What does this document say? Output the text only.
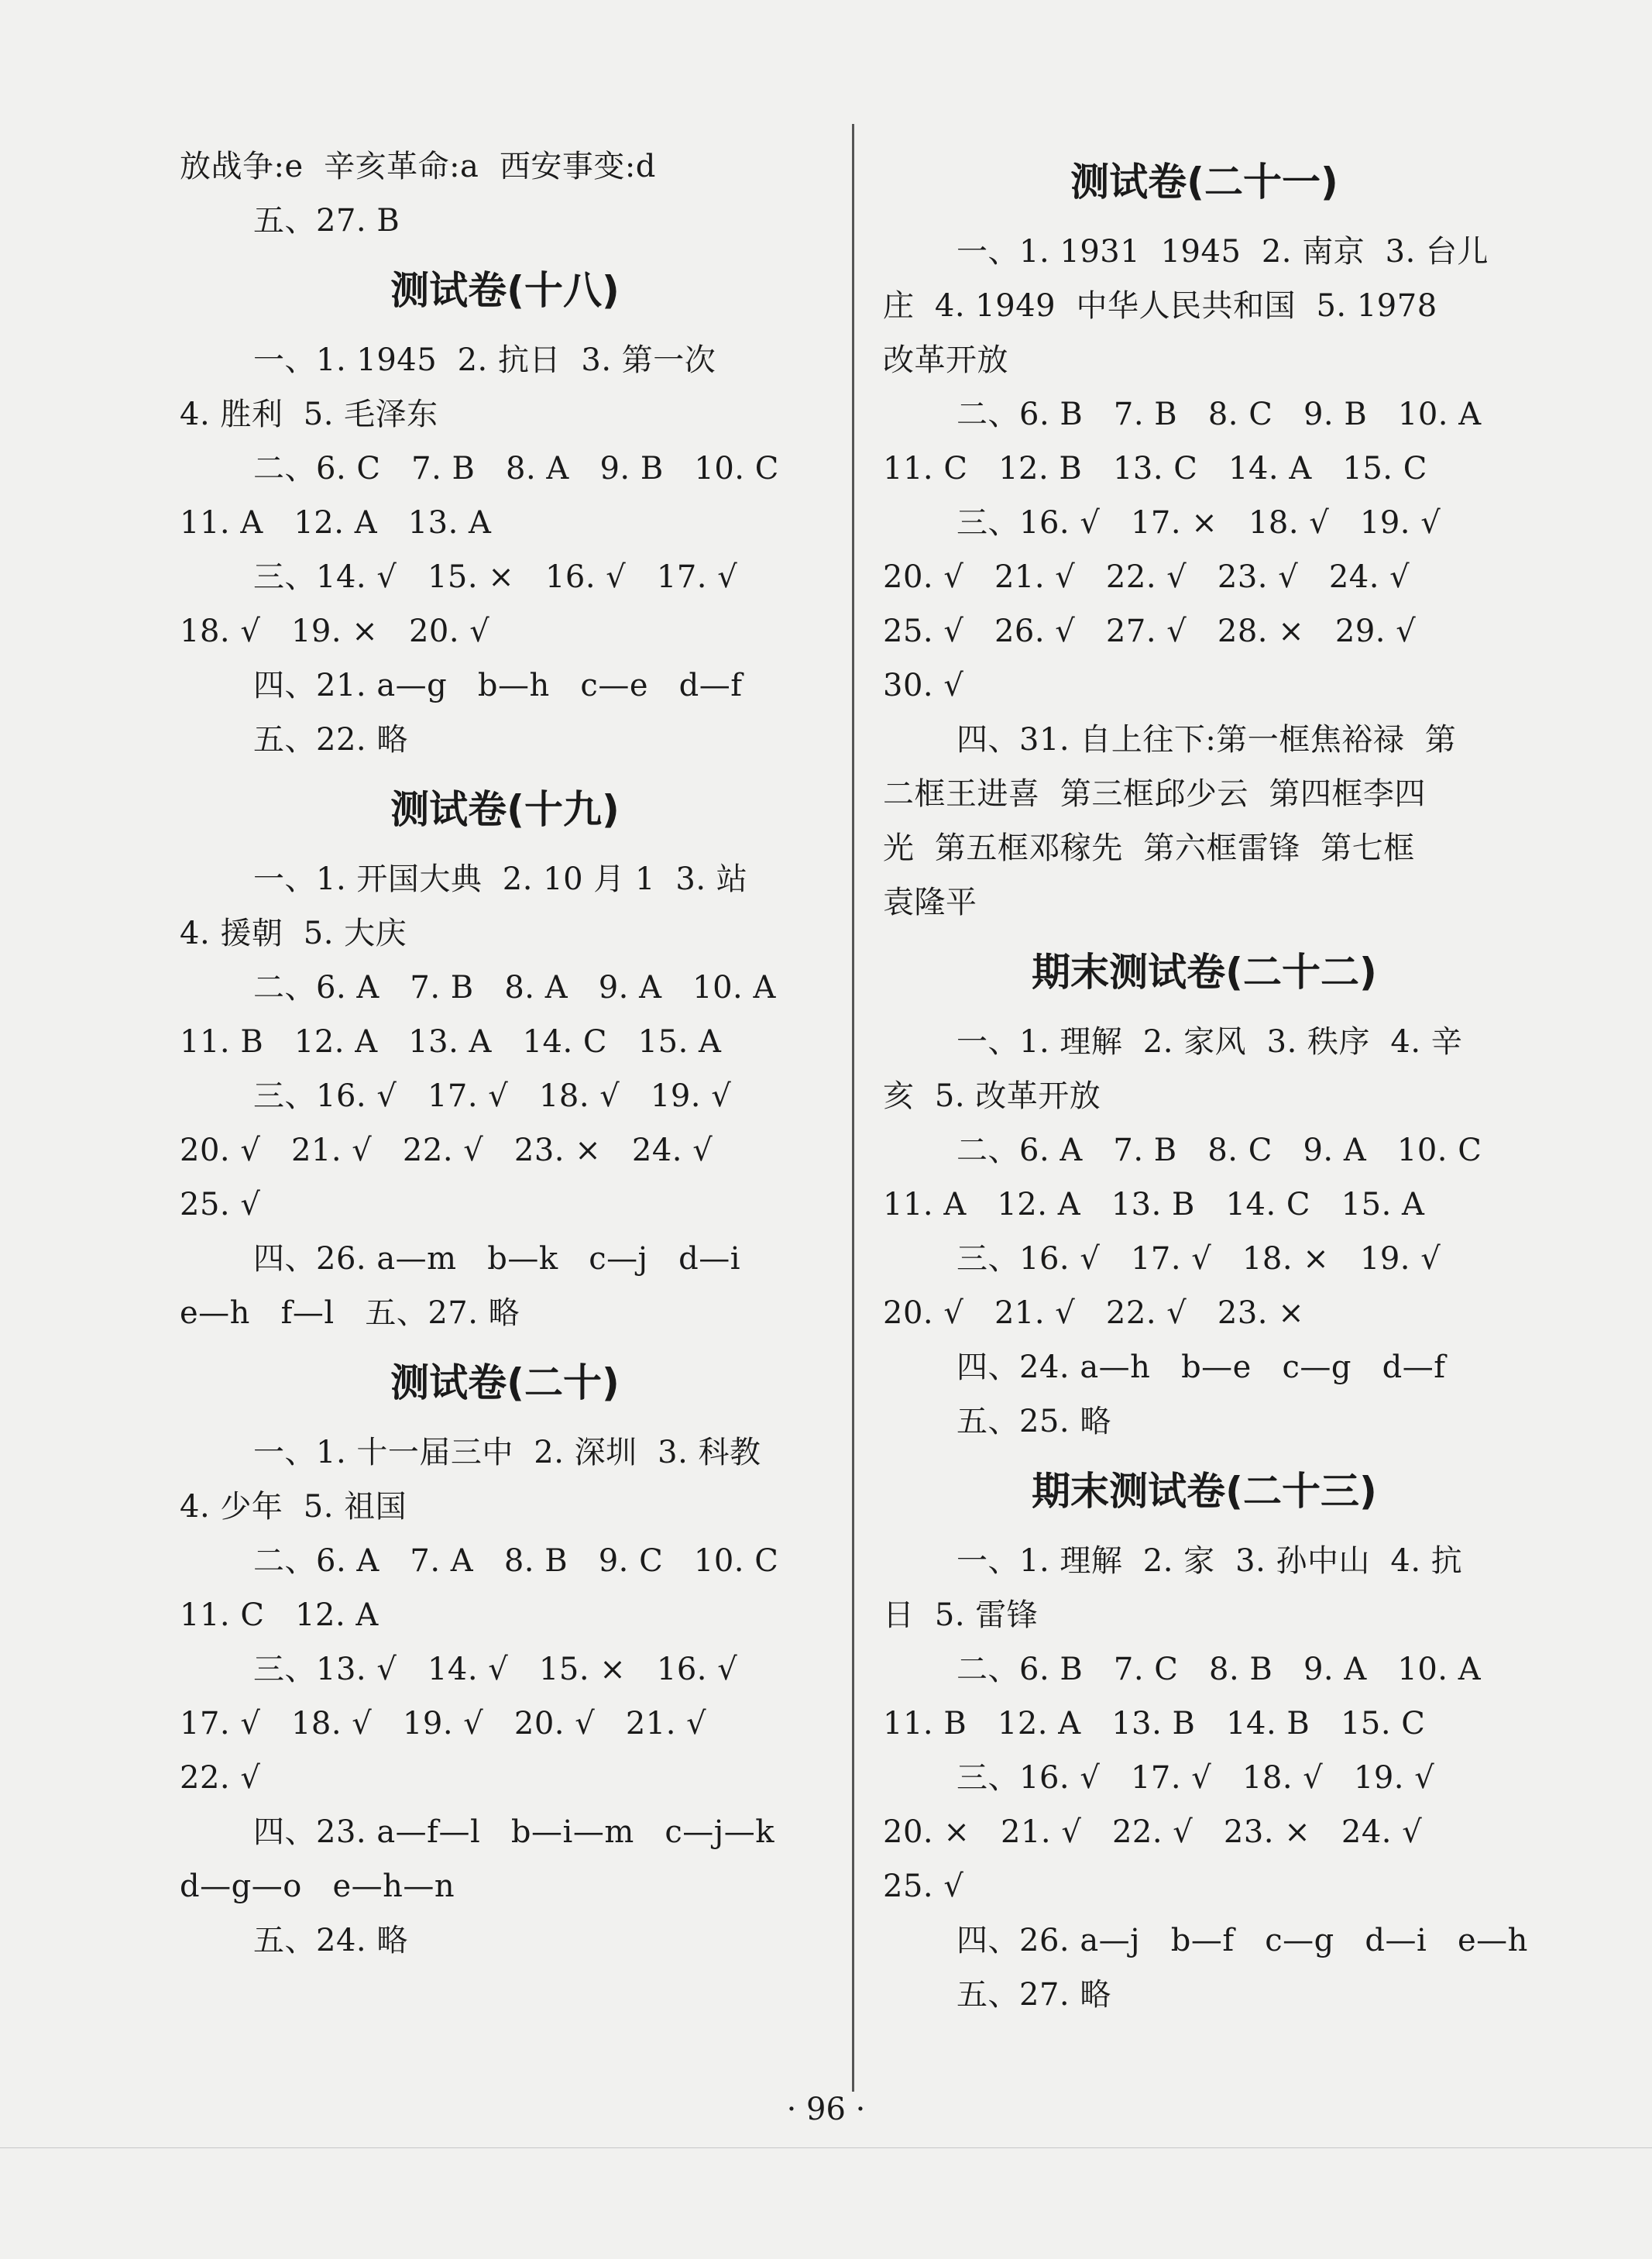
放战争:e  辛亥革命:a  西安事变:d
五、27. B
测试卷(十八)
一、1. 1945  2. 抗日  3. 第一次
4. 胜利  5. 毛泽东
二、6. C   7. B   8. A   9. B   10. C
11. A   12. A   13. A
三、14. √   15. ×   16. √   17. √
18. √   19. ×   20. √
四、21. a—g   b—h   c—e   d—f
五、22. 略
测试卷(十九)
一、1. 开国大典  2. 10 月 1  3. 站
4. 援朝  5. 大庆
二、6. A   7. B   8. A   9. A   10. A
11. B   12. A   13. A   14. C   15. A
三、16. √   17. √   18. √   19. √
20. √   21. √   22. √   23. ×   24. √
25. √
四、26. a—m   b—k   c—j   d—i
e—h   f—l   五、27. 略
测试卷(二十)
一、1. 十一届三中  2. 深圳  3. 科教
4. 少年  5. 祖国
二、6. A   7. A   8. B   9. C   10. C
11. C   12. A
三、13. √   14. √   15. ×   16. √
17. √   18. √   19. √   20. √   21. √
22. √
四、23. a—f—l   b—i—m   c—j—k
d—g—o   e—h—n
五、24. 略
测试卷(二十一)
一、1. 1931  1945  2. 南京  3. 台儿
庄  4. 1949  中华人民共和国  5. 1978
改革开放
二、6. B   7. B   8. C   9. B   10. A
11. C   12. B   13. C   14. A   15. C
三、16. √   17. ×   18. √   19. √
20. √   21. √   22. √   23. √   24. √
25. √   26. √   27. √   28. ×   29. √
30. √
四、31. 自上往下:第一框焦裕禄  第
二框王进喜  第三框邱少云  第四框李四
光  第五框邓稼先  第六框雷锋  第七框
袁隆平
期末测试卷(二十二)
一、1. 理解  2. 家风  3. 秩序  4. 辛
亥  5. 改革开放
二、6. A   7. B   8. C   9. A   10. C
11. A   12. A   13. B   14. C   15. A
三、16. √   17. √   18. ×   19. √
20. √   21. √   22. √   23. ×
四、24. a—h   b—e   c—g   d—f
五、25. 略
期末测试卷(二十三)
一、1. 理解  2. 家  3. 孙中山  4. 抗
日  5. 雷锋
二、6. B   7. C   8. B   9. A   10. A
11. B   12. A   13. B   14. B   15. C
三、16. √   17. √   18. √   19. √
20. ×   21. √   22. √   23. ×   24. √
25. √
四、26. a—j   b—f   c—g   d—i   e—h
五、27. 略
· 96 ·
